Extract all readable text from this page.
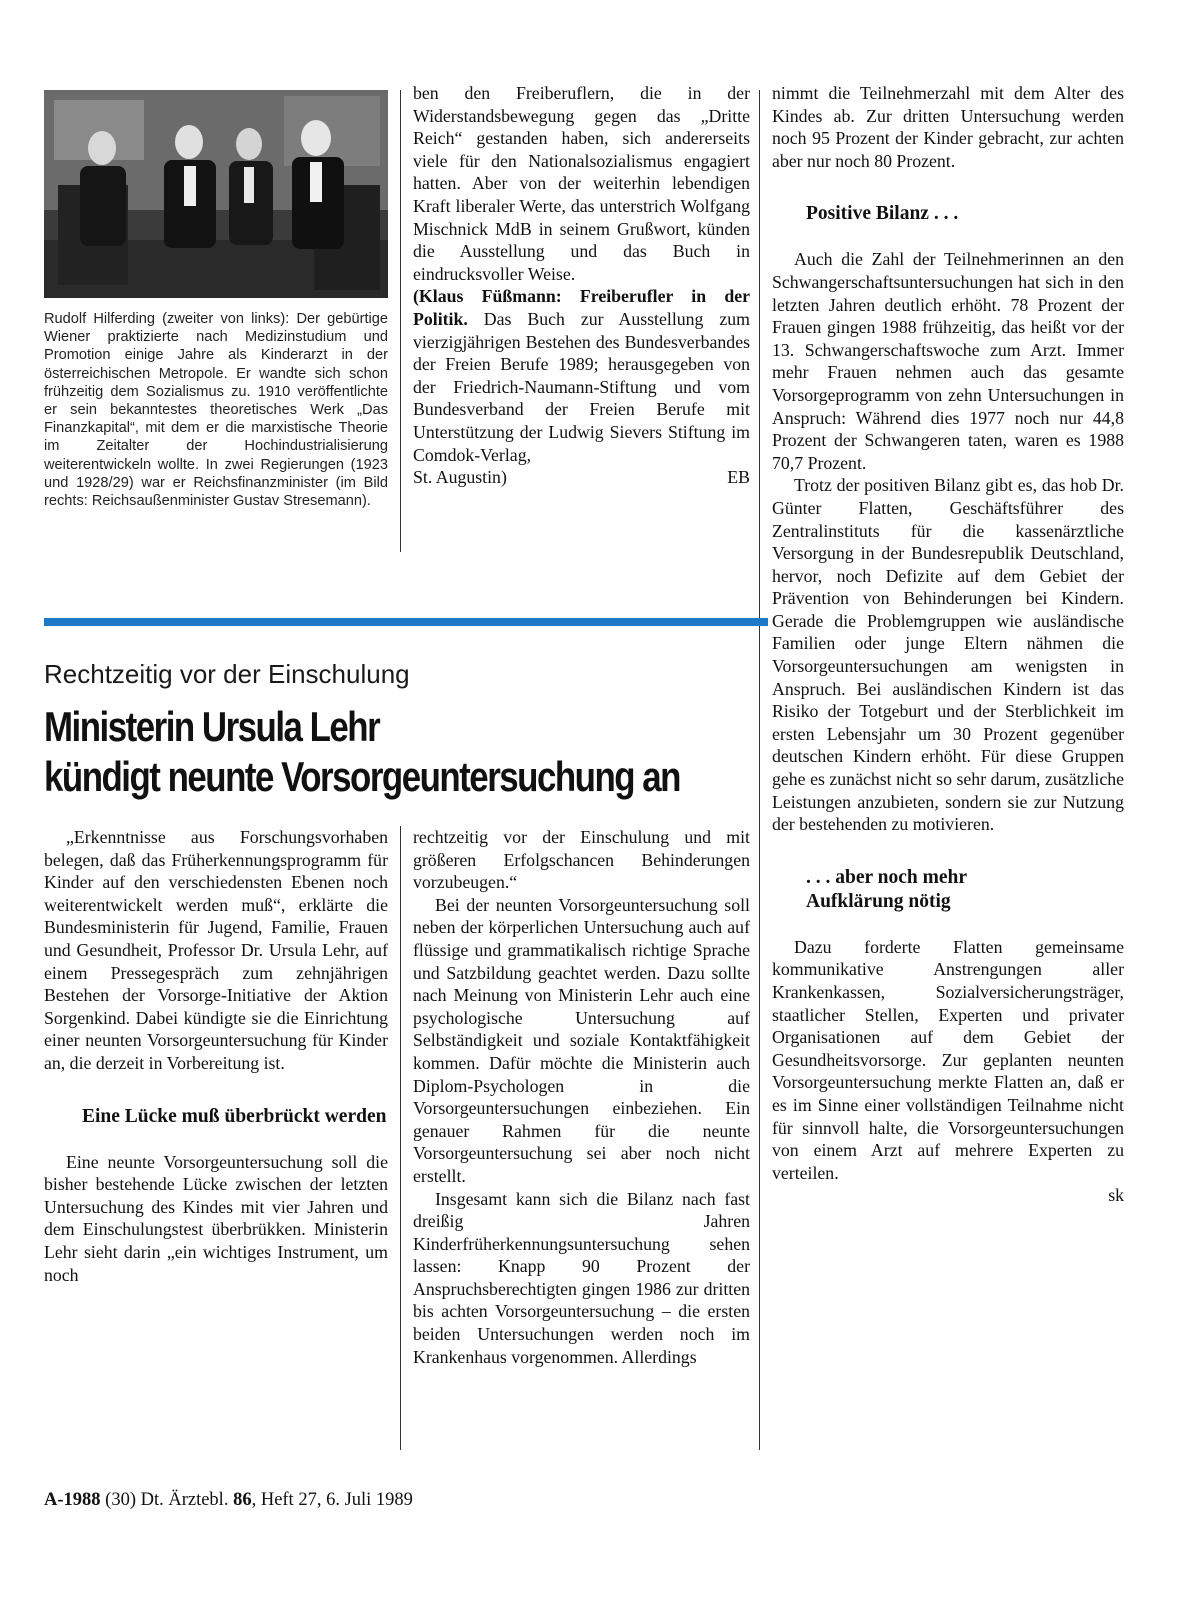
Rudolf Hilferding (zweiter von links): Der gebürtige Wiener praktizierte nach Medizinstudium und Promotion einige Jahre als Kinderarzt in der österreichischen Metropole. Er wandte sich schon frühzeitig dem Sozialismus zu. 1910 veröffentlichte er sein bekanntestes theoretisches Werk „Das Finanzkapital“, mit dem er die marxistische Theorie im Zeitalter der Hochindustrialisierung weiterentwickeln wollte. In zwei Regierungen (1923 und 1928/29) war er Reichsfinanzminister (im Bild rechts: Reichsaußenminister Gustav Stresemann).

ben den Freiberuflern, die in der Widerstandsbewegung gegen das „Dritte Reich“ gestanden haben, sich andererseits viele für den Nationalsozialismus engagiert hatten. Aber von der weiterhin lebendigen Kraft liberaler Werte, das unterstrich Wolfgang Mischnick MdB in seinem Grußwort, künden die Ausstellung und das Buch in eindrucksvoller Weise.

(Klaus Füßmann: Freiberufler in der Politik. Das Buch zur Ausstellung zum vierzigjährigen Bestehen des Bundesverbandes der Freien Berufe 1989; herausgegeben von der Friedrich-Naumann-Stiftung und vom Bundesverband der Freien Berufe mit Unterstützung der Ludwig Sievers Stiftung im Comdok-Verlag,

St. Augustin)	EB
Rechtzeitig vor der Einschulung
Ministerin Ursula Lehr
kündigt neunte Vorsorgeuntersuchung an

„Erkenntnisse aus Forschungsvorhaben belegen, daß das Früherkennungsprogramm für Kinder auf den verschiedensten Ebenen noch weiterentwickelt werden muß“, erklärte die Bundesministerin für Jugend, Familie, Frauen und Gesundheit, Professor Dr. Ursula Lehr, auf einem Pressegespräch zum zehnjährigen Bestehen der Vorsorge-Initiative der Aktion Sorgenkind. Dabei kündigte sie die Einrichtung einer neunten Vorsorgeuntersuchung für Kinder an, die derzeit in Vorbereitung ist.

Eine Lücke muß überbrückt werden

Eine neunte Vorsorgeuntersuchung soll die bisher bestehende Lücke zwischen der letzten Untersuchung des Kindes mit vier Jahren und dem Einschulungstest überbrükken. Ministerin Lehr sieht darin „ein wichtiges Instrument, um noch

rechtzeitig vor der Einschulung und mit größeren Erfolgschancen Behinderungen vorzubeugen.“

Bei der neunten Vorsorgeuntersuchung soll neben der körperlichen Untersuchung auch auf flüssige und grammatikalisch richtige Sprache und Satzbildung geachtet werden. Dazu sollte nach Meinung von Ministerin Lehr auch eine psychologische Untersuchung auf Selbständigkeit und soziale Kontaktfähigkeit kommen. Dafür möchte die Ministerin auch Diplom-Psychologen in die Vorsorgeuntersuchungen einbeziehen. Ein genauer Rahmen für die neunte Vorsorgeuntersuchung sei aber noch nicht erstellt.

Insgesamt kann sich die Bilanz nach fast dreißig Jahren Kinderfrüherkennungsuntersuchung sehen lassen: Knapp 90 Prozent der Anspruchsberechtigten gingen 1986 zur dritten bis achten Vorsorgeuntersuchung – die ersten beiden Untersuchungen werden noch im Krankenhaus vorgenommen. Allerdings

nimmt die Teilnehmerzahl mit dem Alter des Kindes ab. Zur dritten Untersuchung werden noch 95 Prozent der Kinder gebracht, zur achten aber nur noch 80 Prozent.

Positive Bilanz . . .

Auch die Zahl der Teilnehmerinnen an den Schwangerschaftsuntersuchungen hat sich in den letzten Jahren deutlich erhöht. 78 Prozent der Frauen gingen 1988 frühzeitig, das heißt vor der 13. Schwangerschaftswoche zum Arzt. Immer mehr Frauen nehmen auch das gesamte Vorsorgeprogramm von zehn Untersuchungen in Anspruch: Während dies 1977 noch nur 44,8 Prozent der Schwangeren taten, waren es 1988 70,7 Prozent.

Trotz der positiven Bilanz gibt es, das hob Dr. Günter Flatten, Geschäftsführer des Zentralinstituts für die kassenärztliche Versorgung in der Bundesrepublik Deutschland, hervor, noch Defizite auf dem Gebiet der Prävention von Behinderungen bei Kindern. Gerade die Problemgruppen wie ausländische Familien oder junge Eltern nähmen die Vorsorgeuntersuchungen am wenigsten in Anspruch. Bei ausländischen Kindern ist das Risiko der Totgeburt und der Sterblichkeit im ersten Lebensjahr um 30 Prozent gegenüber deutschen Kindern erhöht. Für diese Gruppen gehe es zunächst nicht so sehr darum, zusätzliche Leistungen anzubieten, sondern sie zur Nutzung der bestehenden zu motivieren.

. . . aber noch mehr Aufklärung nötig

Dazu forderte Flatten gemeinsame kommunikative Anstrengungen aller Krankenkassen, Sozialversicherungsträger, staatlicher Stellen, Experten und privater Organisationen auf dem Gebiet der Gesundheitsvorsorge. Zur geplanten neunten Vorsorgeuntersuchung merkte Flatten an, daß er es im Sinne einer vollständigen Teilnahme nicht für sinnvoll halte, die Vorsorgeuntersuchungen von einem Arzt auf mehrere Experten zu verteilen.

sk
A-1988 (30) Dt. Ärztebl. 86, Heft 27, 6. Juli 1989
